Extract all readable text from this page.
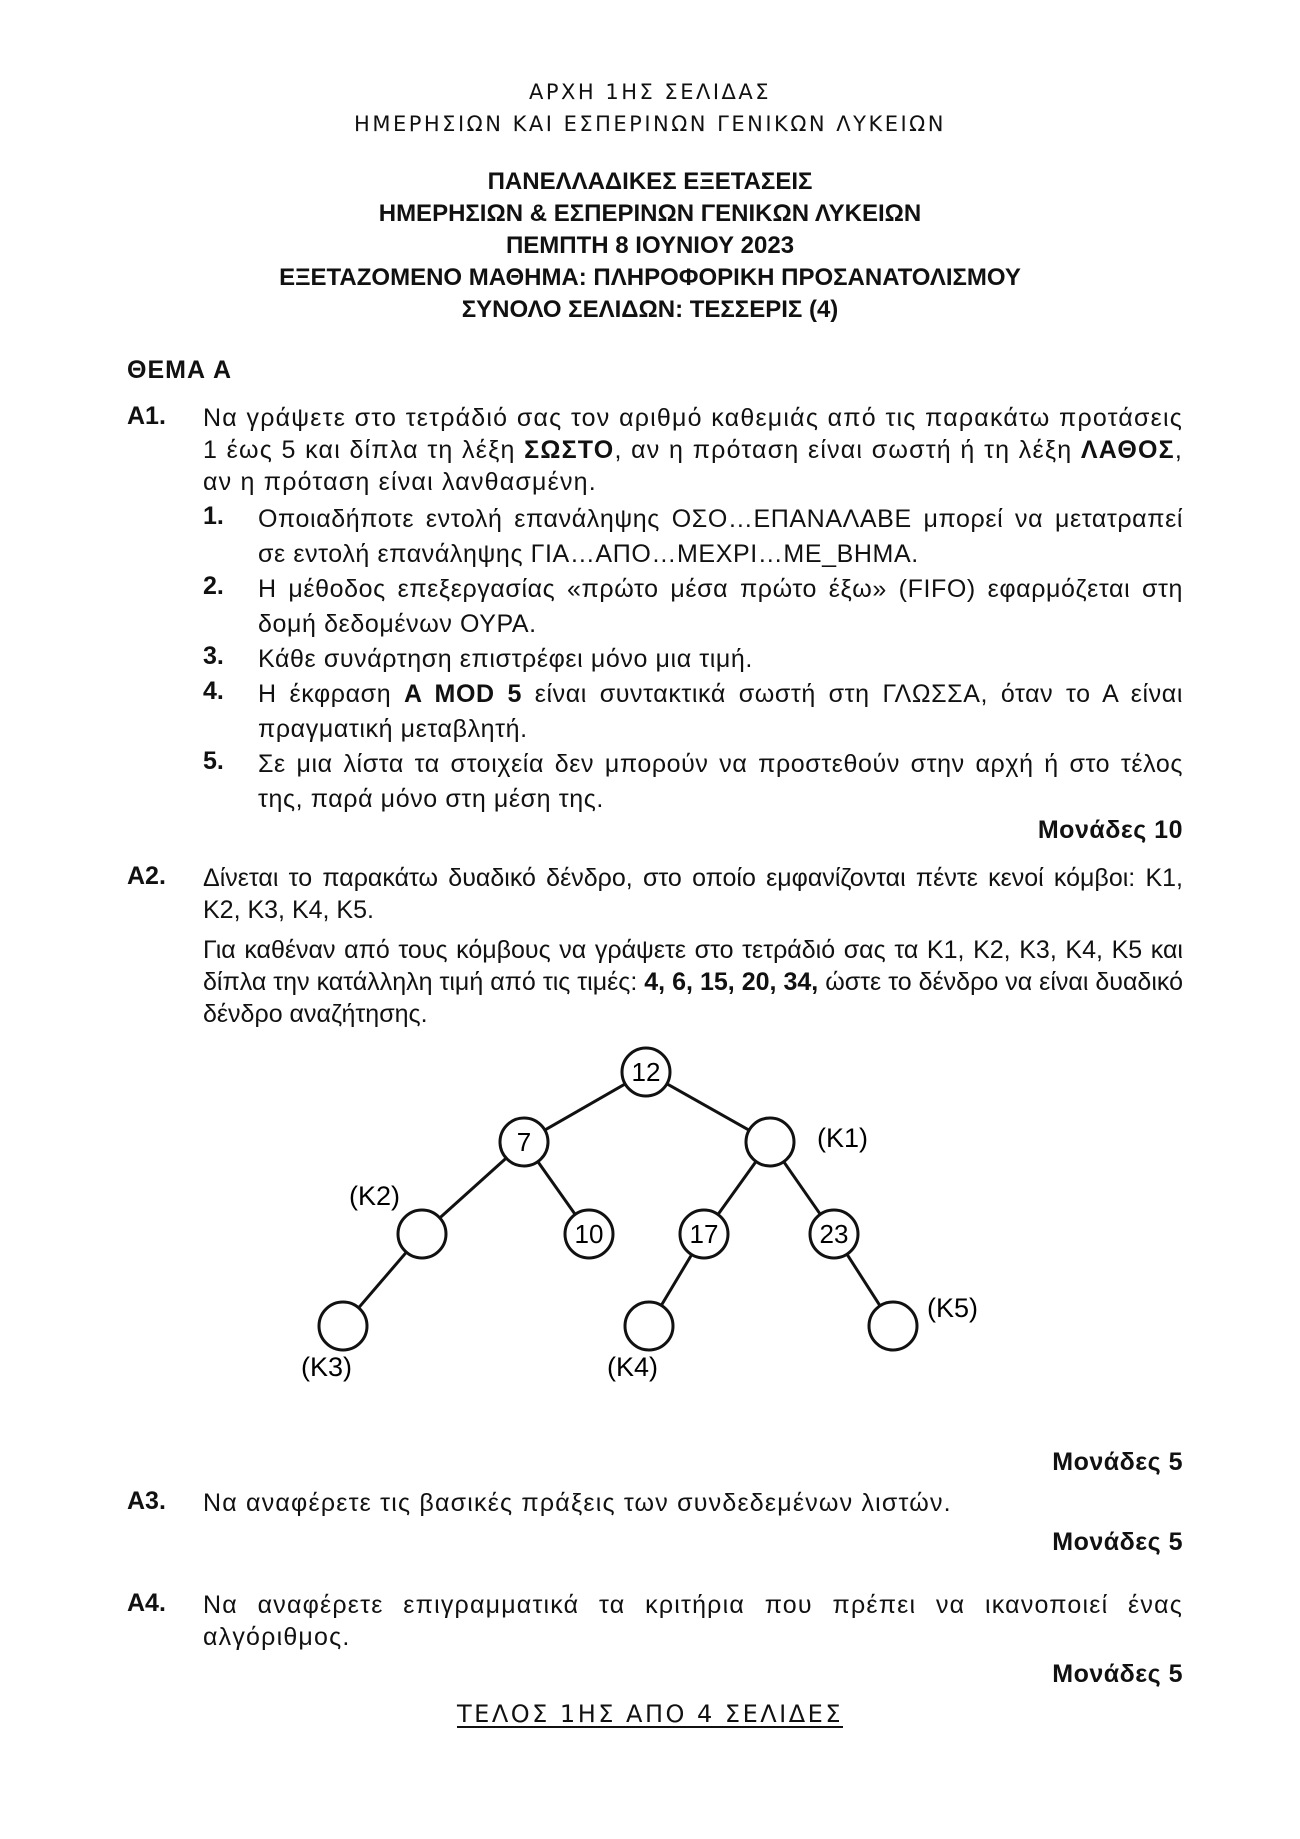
ΑΡΧΗ 1ΗΣ ΣΕΛΙΔΑΣ
ΗΜΕΡΗΣΙΩΝ ΚΑΙ ΕΣΠΕΡΙΝΩΝ ΓΕΝΙΚΩΝ ΛΥΚΕΙΩΝ
ΠΑΝΕΛΛΑΔΙΚΕΣ ΕΞΕΤΑΣΕΙΣ
ΗΜΕΡΗΣΙΩΝ & ΕΣΠΕΡΙΝΩΝ ΓΕΝΙΚΩΝ ΛΥΚΕΙΩΝ
ΠΕΜΠΤΗ 8 ΙΟΥΝΙΟΥ 2023
ΕΞΕΤΑΖΟΜΕΝΟ ΜΑΘΗΜΑ: ΠΛΗΡΟΦΟΡΙΚΗ ΠΡΟΣΑΝΑΤΟΛΙΣΜΟΥ
ΣΥΝΟΛΟ ΣΕΛΙΔΩΝ: ΤΕΣΣΕΡΙΣ (4)
ΘΕΜΑ Α
Α1. Να γράψετε στο τετράδιό σας τον αριθμό καθεμιάς από τις παρακάτω προτάσεις 1 έως 5 και δίπλα τη λέξη ΣΩΣΤΟ, αν η πρόταση είναι σωστή ή τη λέξη ΛΑΘΟΣ, αν η πρόταση είναι λανθασμένη.
1. Οποιαδήποτε εντολή επανάληψης ΟΣΟ…ΕΠΑΝΑΛΑΒΕ μπορεί να μετατραπεί σε εντολή επανάληψης ΓΙΑ…ΑΠΟ…ΜΕΧΡΙ…ΜΕ_ΒΗΜΑ.
2. Η μέθοδος επεξεργασίας «πρώτο μέσα πρώτο έξω» (FIFO) εφαρμόζεται στη δομή δεδομένων ΟΥΡΑ.
3. Κάθε συνάρτηση επιστρέφει μόνο μια τιμή.
4. Η έκφραση A MOD 5 είναι συντακτικά σωστή στη ΓΛΩΣΣΑ, όταν το Α είναι πραγματική μεταβλητή.
5. Σε μια λίστα τα στοιχεία δεν μπορούν να προστεθούν στην αρχή ή στο τέλος της, παρά μόνο στη μέση της.
Μονάδες 10
Α2. Δίνεται το παρακάτω δυαδικό δένδρο, στο οποίο εμφανίζονται πέντε κενοί κόμβοι: Κ1, Κ2, Κ3, Κ4, Κ5.
Για καθέναν από τους κόμβους να γράψετε στο τετράδιό σας τα Κ1, Κ2, Κ3, Κ4, Κ5 και δίπλα την κατάλληλη τιμή από τις τιμές: 4, 6, 15, 20, 34, ώστε το δένδρο να είναι δυαδικό δένδρο αναζήτησης.
12
7	(K1)
(K2)
10	17	23
(K3)	(K4)
(K5)
Μονάδες 5
Α3. Να αναφέρετε τις βασικές πράξεις των συνδεδεμένων λιστών.
Μονάδες 5
Α4. Να αναφέρετε επιγραμματικά τα κριτήρια που πρέπει να ικανοποιεί ένας αλγόριθμος.
Μονάδες 5
ΤΕΛΟΣ 1ΗΣ ΑΠΟ 4 ΣΕΛΙΔΕΣ
